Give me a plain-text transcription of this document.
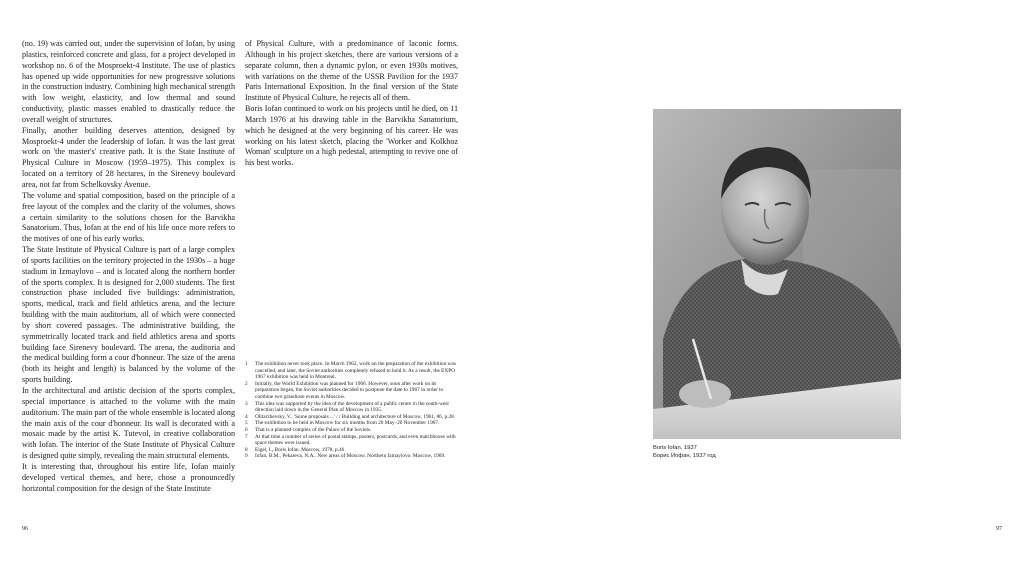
(no. 19) was carried out, under the supervision of Iofan, by using plastics, reinforced concrete and glass, for a project developed in workshop no. 6 of the Mosproekt-4 Institute. The use of plastics has opened up wide opportunities for new progressive solutions in the construction industry. Combining high mechanical strength with low weight, elasticity, and low thermal and sound conductivity, plastic masses enabled to drastically reduce the overall weight of structures.

Finally, another building deserves attention, designed by Mosproekt-4 under the leadership of Iofan. It was the last great work on 'the master's' creative path. It is the State Institute of Physical Culture in Moscow (1959–1975). This complex is located on a territory of 28 hectares, in the Sirenevy boulevard area, not far from Schelkovsky Avenue.

The volume and spatial composition, based on the principle of a free layout of the complex and the clarity of the volumes, shows a certain similarity to the solutions chosen for the Barvikha Sanatorium. Thus, Iofan at the end of his life once more refers to the motives of one of his early works.

The State Institute of Physical Culture is part of a large complex of sports facilities on the territory projected in the 1930s – a huge stadium in Izmaylovo – and is located along the northern border of the sports complex. It is designed for 2,000 students. The first construction phase included five buildings: administration, sports, medical, track and field athletics arena, and the lecture building with the main auditorium, all of which were connected by short covered passages. The administrative building, the symmetrically located track and field athletics arena and sports building face Sirenevy boulevard. The arena, the auditoria and the medical building form a cour d'honneur. The size of the arena (both its height and length) is balanced by the volume of the sports building.

In the architectural and artistic decision of the sports complex, special importance is attached to the volume with the main auditorium. The main part of the whole ensemble is located along the main axis of the cour d'honneur. Its wall is decorated with a mosaic made by the artist K. Tutevol, in creative collaboration with Iofan. The interior of the State Institute of Physical Culture is designed quite simply, revealing the main structural elements.

It is interesting that, throughout his entire life, Iofan mainly developed vertical themes, and here, chose a pronouncedly horizontal composition for the design of the State Institute

of Physical Culture, with a predominance of laconic forms. Although in his project sketches, there are various versions of a separate column, then a dynamic pylon, or even 1930s motives, with variations on the theme of the USSR Pavilion for the 1937 Paris International Exposition. In the final version of the State Institute of Physical Culture, he rejects all of them.

Boris Iofan continued to work on his projects until he died, on 11 March 1976 at his drawing table in the Barvikha Sanatorium, which he designed at the very beginning of his career. He was working on his latest sketch, placing the 'Worker and Kolkhoz Woman' sculpture on a high pedestal, attempting to revive one of his best works.

1 The exhibition never took place. In March 1962, work on the preparation of the exhibition was cancelled, and later, the Soviet authorities completely refused to hold it. As a result, the EXPO 1967 exhibition was held in Montreal.
2 Initially, the World Exhibition was planned for 1966. However, soon after work on its preparation began, the Soviet authorities decided to postpone the date to 1967 in order to combine two grandiose events in Moscow.
3 This idea was supported by the idea of the development of a public centre in the south-west direction laid down in the General Plan of Moscow in 1935.
4 Olitarzhevsky, V., 'Some proposals ...' / / Building and architecture of Moscow, 1961, 86, p.28.
5 The exhibition to be held in Moscow for six months from 20 May–20 November 1967.
6 That is a planned complex of the Palace of the Soviets.
7 At that time a number of series of postal stamps, posters, postcards, and even matchboxes with space themes were issued.
8 Eigel, I., Boris Iofan. Moscow, 1978, p.46
9 Iofan, B.M., Pekareva, N.A.. New areas of Moscow. Northern Izmaylovo. Moscow, 1969.
96
Boris Iofan, 1937
Борис Иофан, 1937 год
97
